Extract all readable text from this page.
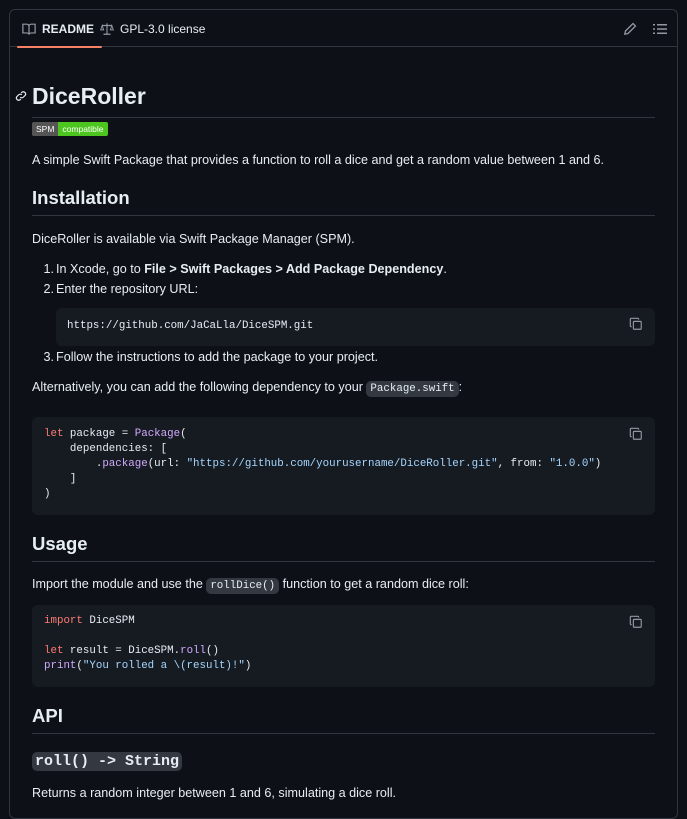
README GPL-3.0 license
DiceRoller
SPM compatible

A simple Swift Package that provides a function to roll a dice and get a random value between 1 and 6.

Installation

DiceRoller is available via Swift Package Manager (SPM).

1. In Xcode, go to File > Swift Packages > Add Package Dependency.
2. Enter the repository URL:
3. Follow the instructions to add the package to your project.
https://github.com/JaCaLla/DiceSPM.git

Alternatively, you can add the following dependency to your Package.swift :

let package = Package(
dependencies: [
.package(url: "https://github.com/yourusername/DiceRoller.git", from: "1.0.0")
]
)
Usage

Import the module and use the rollDice() function to get a random dice roll:

import DiceSPM

let result = DiceSPM.roll()
print("You rolled a \(result)!")
API
roll() -> String

Returns a random integer between 1 and 6, simulating a dice roll.
